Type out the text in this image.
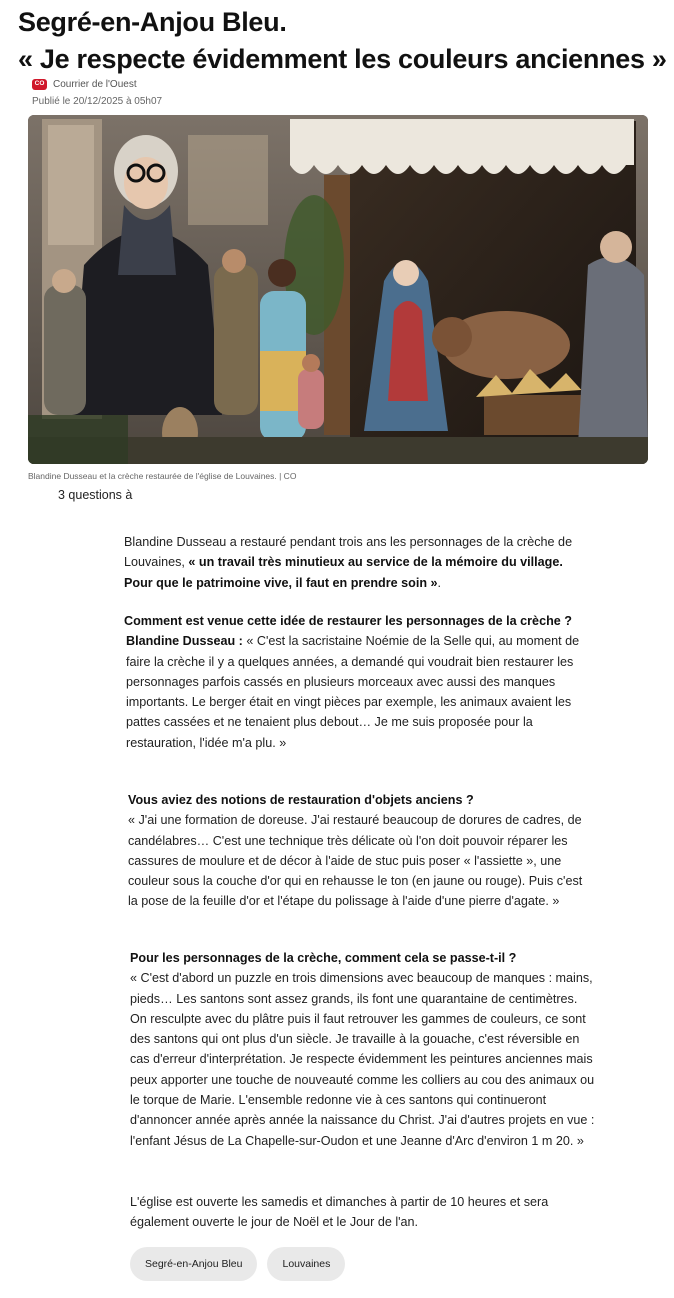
Segré-en-Anjou Bleu.
« Je respecte évidemment les couleurs anciennes »
CO Courrier de l'Ouest
Publié le 20/12/2025 à 05h07
Blandine Dusseau et la crèche restaurée de l'église de Louvaines. | CO
3 questions à
Blandine Dusseau a restauré pendant trois ans les personnages de la crèche de Louvaines, « un travail très minutieux au service de la mémoire du village. Pour que le patrimoine vive, il faut en prendre soin ».
Comment est venue cette idée de restaurer les personnages de la crèche ?
Blandine Dusseau : « C'est la sacristaine Noémie de la Selle qui, au moment de faire la crèche il y a quelques années, a demandé qui voudrait bien restaurer les personnages parfois cassés en plusieurs morceaux avec aussi des manques importants. Le berger était en vingt pièces par exemple, les animaux avaient les pattes cassées et ne tenaient plus debout… Je me suis proposée pour la restauration, l'idée m'a plu. »
Vous aviez des notions de restauration d'objets anciens ?
« J'ai une formation de doreuse. J'ai restauré beaucoup de dorures de cadres, de candélabres… C'est une technique très délicate où l'on doit pouvoir réparer les cassures de moulure et de décor à l'aide de stuc puis poser « l'assiette », une couleur sous la couche d'or qui en rehausse le ton (en jaune ou rouge). Puis c'est la pose de la feuille d'or et l'étape du polissage à l'aide d'une pierre d'agate. »
Pour les personnages de la crèche, comment cela se passe-t-il ?
« C'est d'abord un puzzle en trois dimensions avec beaucoup de manques : mains, pieds… Les santons sont assez grands, ils font une quarantaine de centimètres. On resculpte avec du plâtre puis il faut retrouver les gammes de couleurs, ce sont des santons qui ont plus d'un siècle. Je travaille à la gouache, c'est réversible en cas d'erreur d'interprétation. Je respecte évidemment les peintures anciennes mais peux apporter une touche de nouveauté comme les colliers au cou des animaux ou le torque de Marie. L'ensemble redonne vie à ces santons qui continueront d'annoncer année après année la naissance du Christ. J'ai d'autres projets en vue : l'enfant Jésus de La Chapelle-sur-Oudon et une Jeanne d'Arc d'environ 1 m 20. »
L'église est ouverte les samedis et dimanches à partir de 10 heures et sera également ouverte le jour de Noël et le Jour de l'an.
Segré-en-Anjou Bleu	Louvaines
